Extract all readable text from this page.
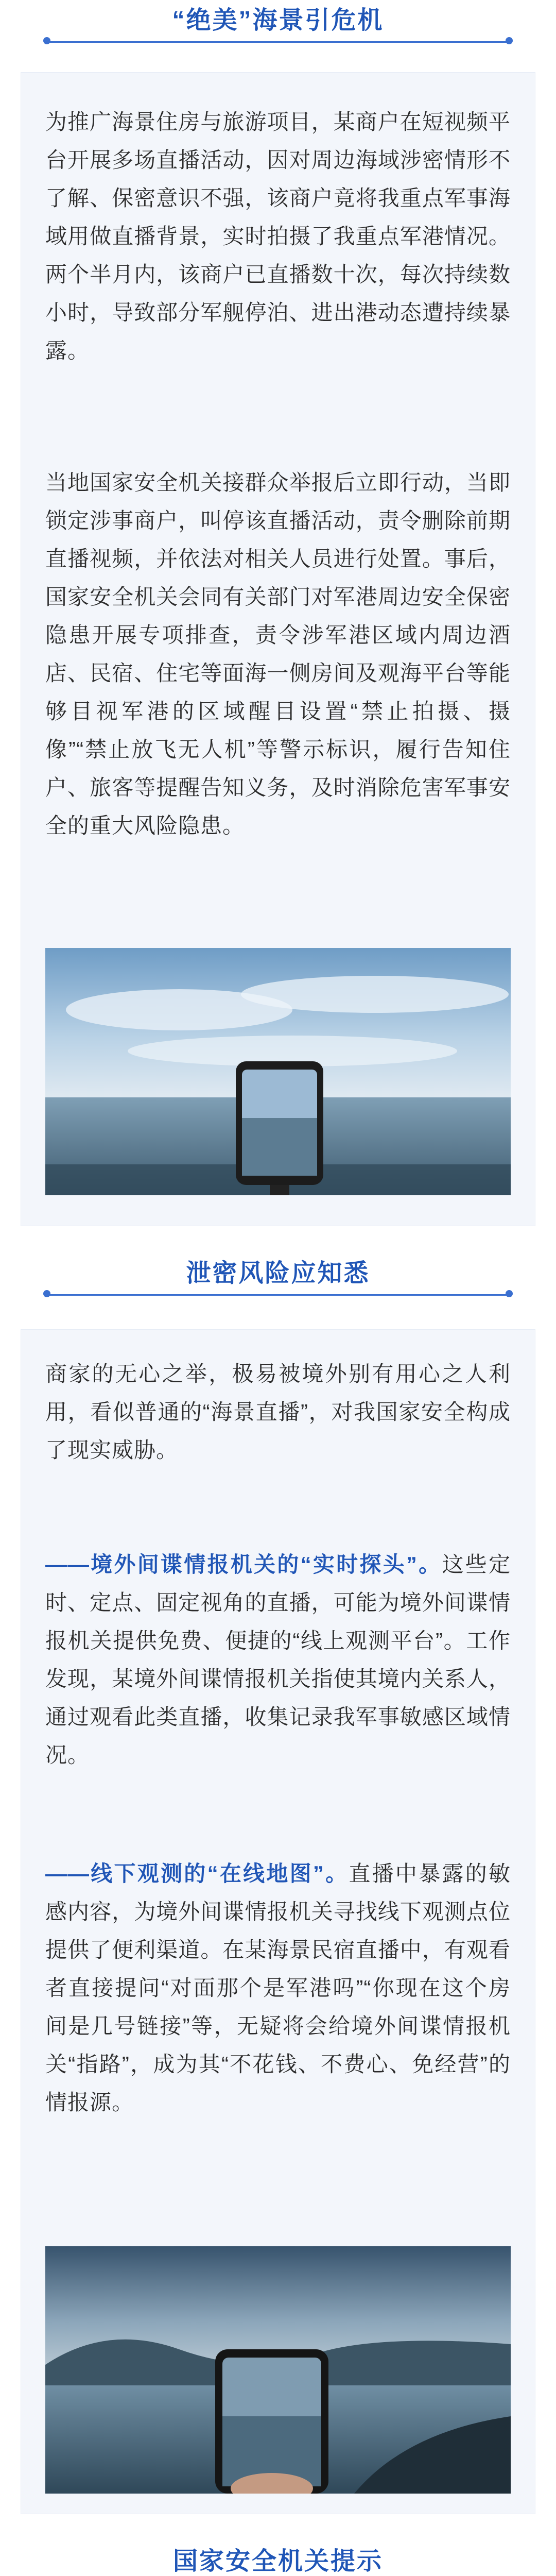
“绝美”海景引危机
为推广海景住房与旅游项目，某商户在短视频平台开展多场直播活动，因对周边海域涉密情形不了解、保密意识不强，该商户竟将我重点军事海域用做直播背景，实时拍摄了我重点军港情况。两个半月内，该商户已直播数十次，每次持续数小时，导致部分军舰停泊、进出港动态遭持续暴露。
当地国家安全机关接群众举报后立即行动，当即锁定涉事商户，叫停该直播活动，责令删除前期直播视频，并依法对相关人员进行处置。事后，国家安全机关会同有关部门对军港周边安全保密隐患开展专项排查，责令涉军港区域内周边酒店、民宿、住宅等面海一侧房间及观海平台等能够目视军港的区域醒目设置“禁止拍摄、摄像”“禁止放飞无人机”等警示标识，履行告知住户、旅客等提醒告知义务，及时消除危害军事安全的重大风险隐患。
泄密风险应知悉
商家的无心之举，极易被境外别有用心之人利用，看似普通的“海景直播”，对我国家安全构成了现实威胁。
——境外间谍情报机关的“实时探头”。这些定时、定点、固定视角的直播，可能为境外间谍情报机关提供免费、便捷的“线上观测平台”。工作发现，某境外间谍情报机关指使其境内关系人，通过观看此类直播，收集记录我军事敏感区域情况。
——线下观测的“在线地图”。直播中暴露的敏感内容，为境外间谍情报机关寻找线下观测点位提供了便利渠道。在某海景民宿直播中，有观看者直接提问“对面那个是军港吗”“你现在这个房间是几号链接”等，无疑将会给境外间谍情报机关“指路”，成为其“不花钱、不费心、免经营”的情报源。
国家安全机关提示
